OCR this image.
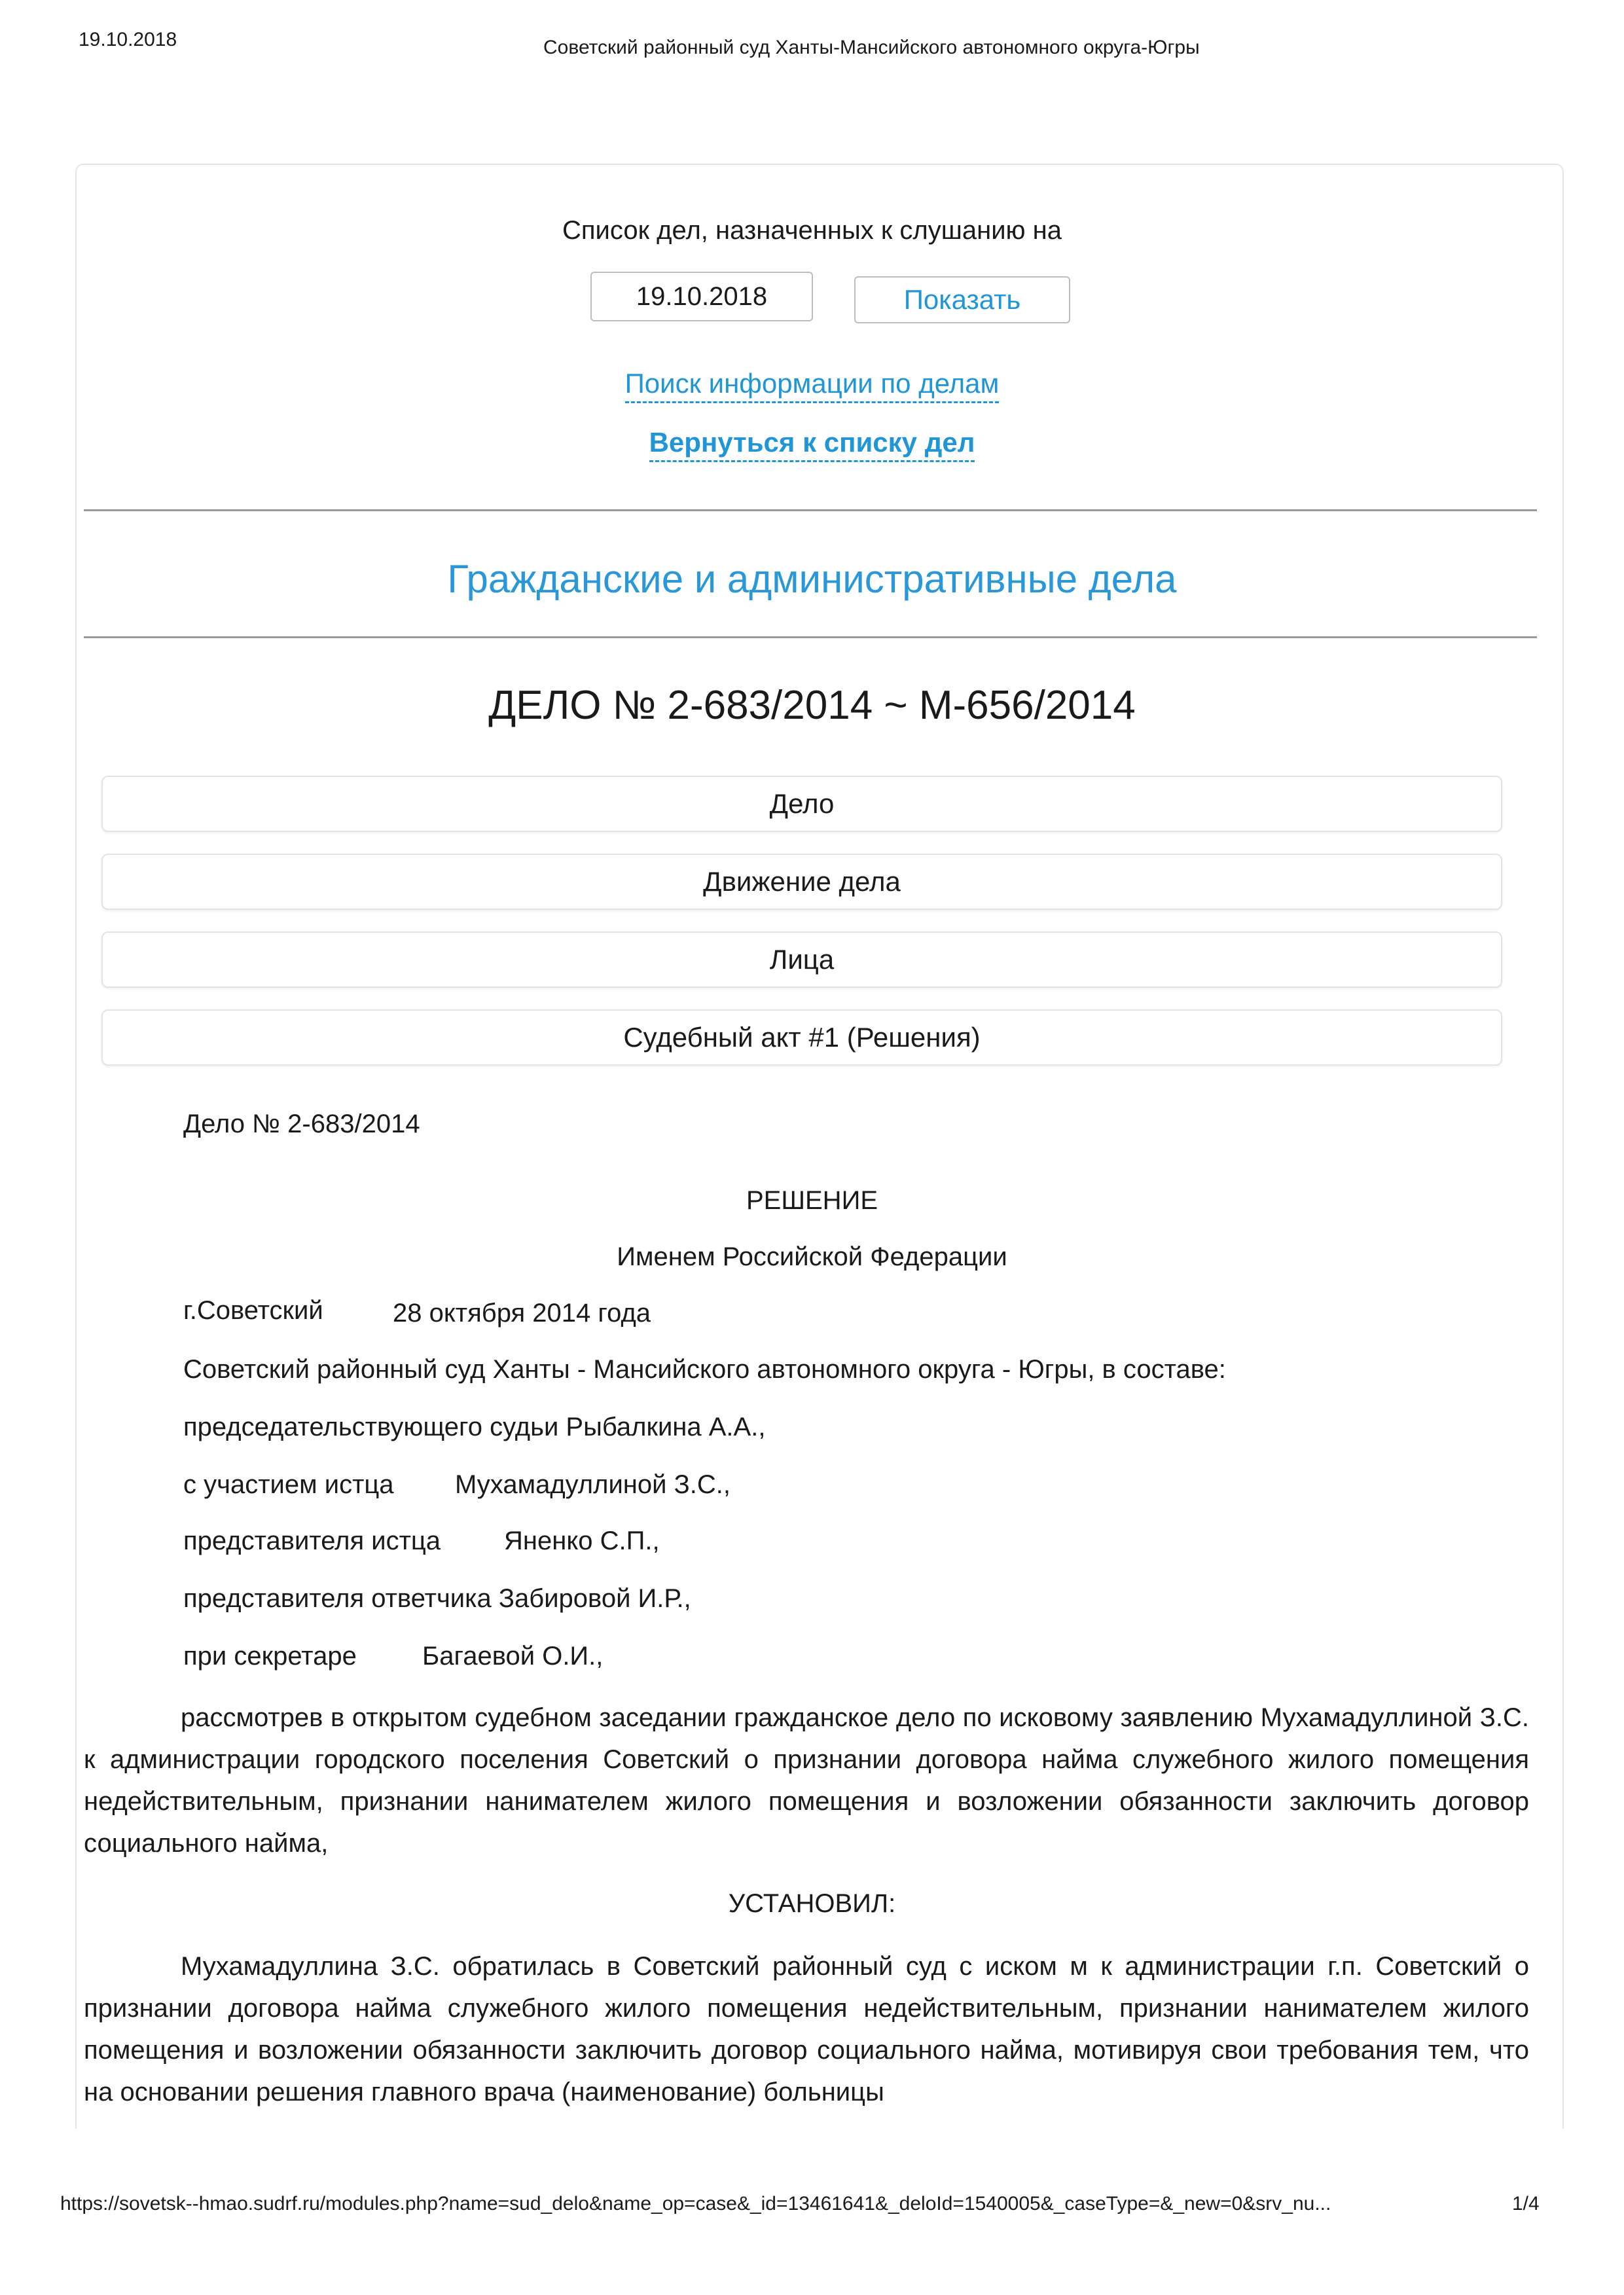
19.10.2018	Советский районный суд Ханты-Мансийского автономного округа-Югры
Список дел, назначенных к слушанию на
19.10.2018
Показать
Поиск информации по делам
Вернуться к списку дел
Гражданские и административные дела
ДЕЛО № 2-683/2014 ~ М-656/2014
Дело
Движение дела
Лица
Судебный акт #1 (Решения)
Дело № 2-683/2014
РЕШЕНИЕ
Именем Российской Федерации
г.Советский	28 октября 2014 года
Советский районный суд Ханты - Мансийского автономного округа - Югры, в составе:
председательствующего судьи Рыбалкина А.А.,
с участием истца Мухамадуллиной З.С.,
представителя истца Яненко С.П.,
представителя ответчика Забировой И.Р.,
при секретаре	Багаевой О.И.,
рассмотрев в открытом судебном заседании гражданское дело по исковому заявлению Мухамадуллиной З.С. к администрации городского поселения Советский о признании договора найма служебного жилого помещения недействительным, признании нанимателем жилого помещения и возложении обязанности заключить договор социального найма,
УСТАНОВИЛ:
Мухамадуллина З.С. обратилась в Советский районный суд с иском м к администрации г.п. Советский о признании договора найма служебного жилого помещения недействительным, признании нанимателем жилого помещения и возложении обязанности заключить договор социального найма, мотивируя свои требования тем, что на основании решения главного врача (наименование) больницы
https://sovetsk--hmao.sudrf.ru/modules.php?name=sud_delo&name_op=case&_id=13461641&_deloId=1540005&_caseType=&_new=0&srv_nu...	1/4
